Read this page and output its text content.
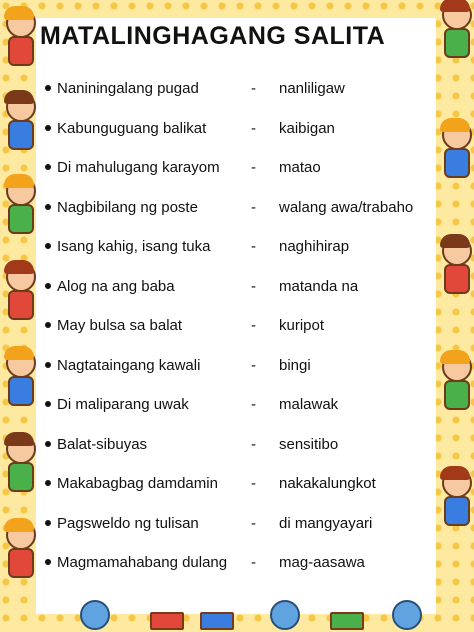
MATALINGHAGANG SALITA
Naniningalang pugad	- nanliligaw
Kabunguguang balikat	- kaibigan
Di mahulugang karayom - matao
Nagbibilang ng poste	- walang awa/trabaho
Isang kahig, isang tuka	- naghihirap
Alog na ang baba	- matanda na
May bulsa sa balat	- kuripot
Nagtataingang kawali	- bingi
Di maliparang uwak	- malawak
Balat-sibuyas	- sensitibo
Makabagbag damdamin - nakakalungkot
Pagsweldo ng tulisan	- di mangyayari
Magmamahabang dulang - mag-aasawa
